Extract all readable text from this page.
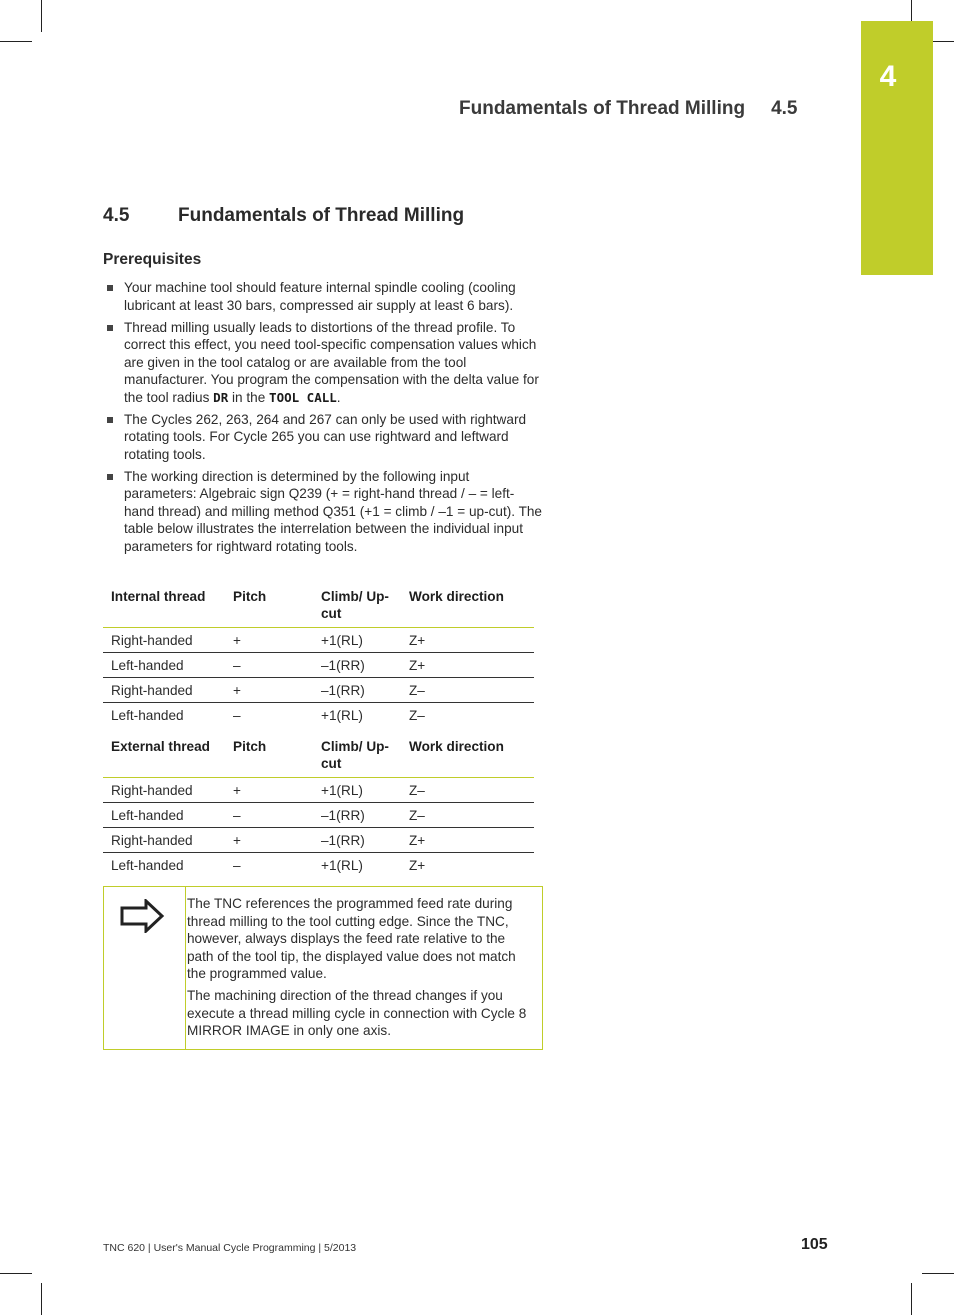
4
Fundamentals of Thread Milling 4.5
4.5	Fundamentals of Thread Milling
Prerequisites
Your machine tool should feature internal spindle cooling (cooling lubricant at least 30 bars, compressed air supply at least 6 bars).
Thread milling usually leads to distortions of the thread profile. To correct this effect, you need tool-specific compensation values which are given in the tool catalog or are available from the tool manufacturer. You program the compensation with the delta value for the tool radius DR in the TOOL CALL.
The Cycles 262, 263, 264 and 267 can only be used with rightward rotating tools. For Cycle 265 you can use rightward and leftward rotating tools.
The working direction is determined by the following input parameters: Algebraic sign Q239 (+ = right-hand thread / – = left-hand thread) and milling method Q351 (+1 = climb / –1 = up-cut). The table below illustrates the interrelation between the individual input parameters for rightward rotating tools.
Internal thread	Pitch	Climb/ Up-cut	Work direction
Right-handed	+	+1(RL)	Z+
Left-handed	–	–1(RR)	Z+
Right-handed	+	–1(RR)	Z–
Left-handed	–	+1(RL)	Z–
External thread	Pitch	Climb/ Up-cut	Work direction
Right-handed	+	+1(RL)	Z–
Left-handed	–	–1(RR)	Z–
Right-handed	+	–1(RR)	Z+
Left-handed	–	+1(RL)	Z+

The TNC references the programmed feed rate during thread milling to the tool cutting edge. Since the TNC, however, always displays the feed rate relative to the path of the tool tip, the displayed value does not match the programmed value.

The machining direction of the thread changes if you execute a thread milling cycle in connection with Cycle 8 MIRROR IMAGE in only one axis.

TNC 620 | User's Manual Cycle Programming | 5/2013	105
